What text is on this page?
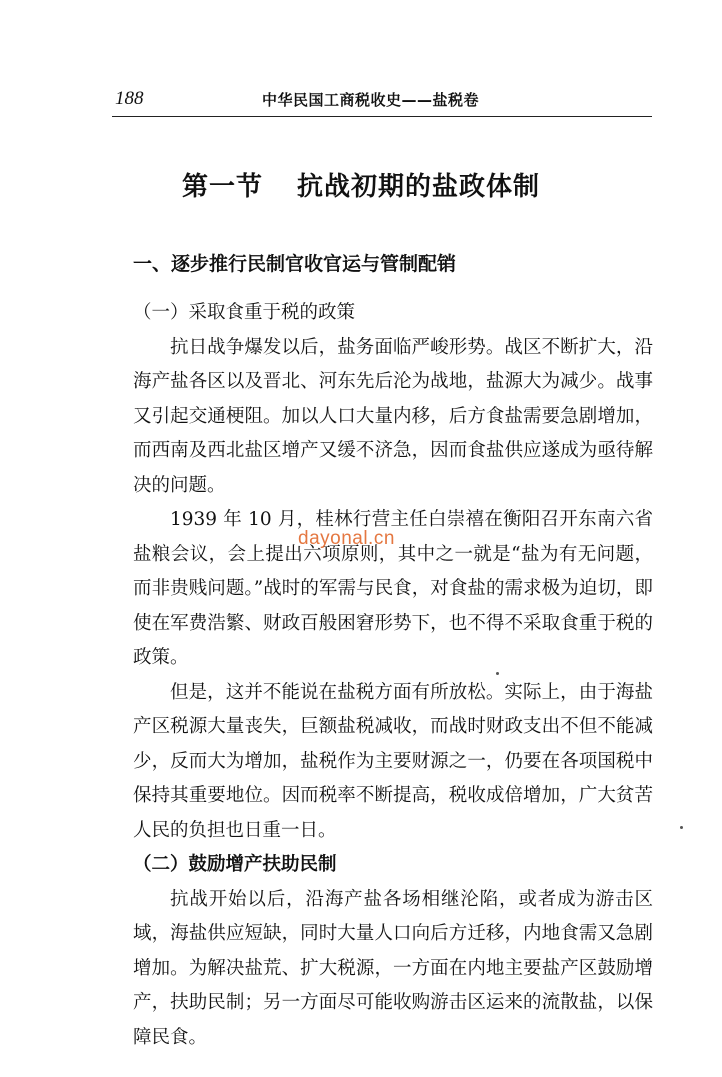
188	中华民国工商税收史——盐税卷
第一节 抗战初期的盐政体制
一、逐步推行民制官收官运与管制配销

（一）采取食重于税的政策

抗日战争爆发以后，盐务面临严峻形势。战区不断扩大，沿海产盐各区以及晋北、河东先后沦为战地，盐源大为减少。战事又引起交通梗阻。加以人口大量内移，后方食盐需要急剧增加，而西南及西北盐区增产又缓不济急，因而食盐供应遂成为亟待解决的问题。

1939 年 10 月，桂林行营主任白崇禧在衡阳召开东南六省盐粮会议，会上提出六项原则，其中之一就是“盐为有无问题，而非贵贱问题。”战时的军需与民食，对食盐的需求极为迫切，即使在军费浩繁、财政百般困窘形势下，也不得不采取食重于税的政策。

但是，这并不能说在盐税方面有所放松。实际上，由于海盐产区税源大量丧失，巨额盐税减收，而战时财政支出不但不能减少，反而大为增加，盐税作为主要财源之一，仍要在各项国税中保持其重要地位。因而税率不断提高，税收成倍增加，广大贫苦人民的负担也日重一日。

（二）鼓励增产扶助民制

抗战开始以后，沿海产盐各场相继沦陷，或者成为游击区域，海盐供应短缺，同时大量人口向后方迁移，内地食需又急剧增加。为解决盐荒、扩大税源，一方面在内地主要盐产区鼓励增产，扶助民制；另一方面尽可能收购游击区运来的流散盐，以保障民食。

dayonal.cn
